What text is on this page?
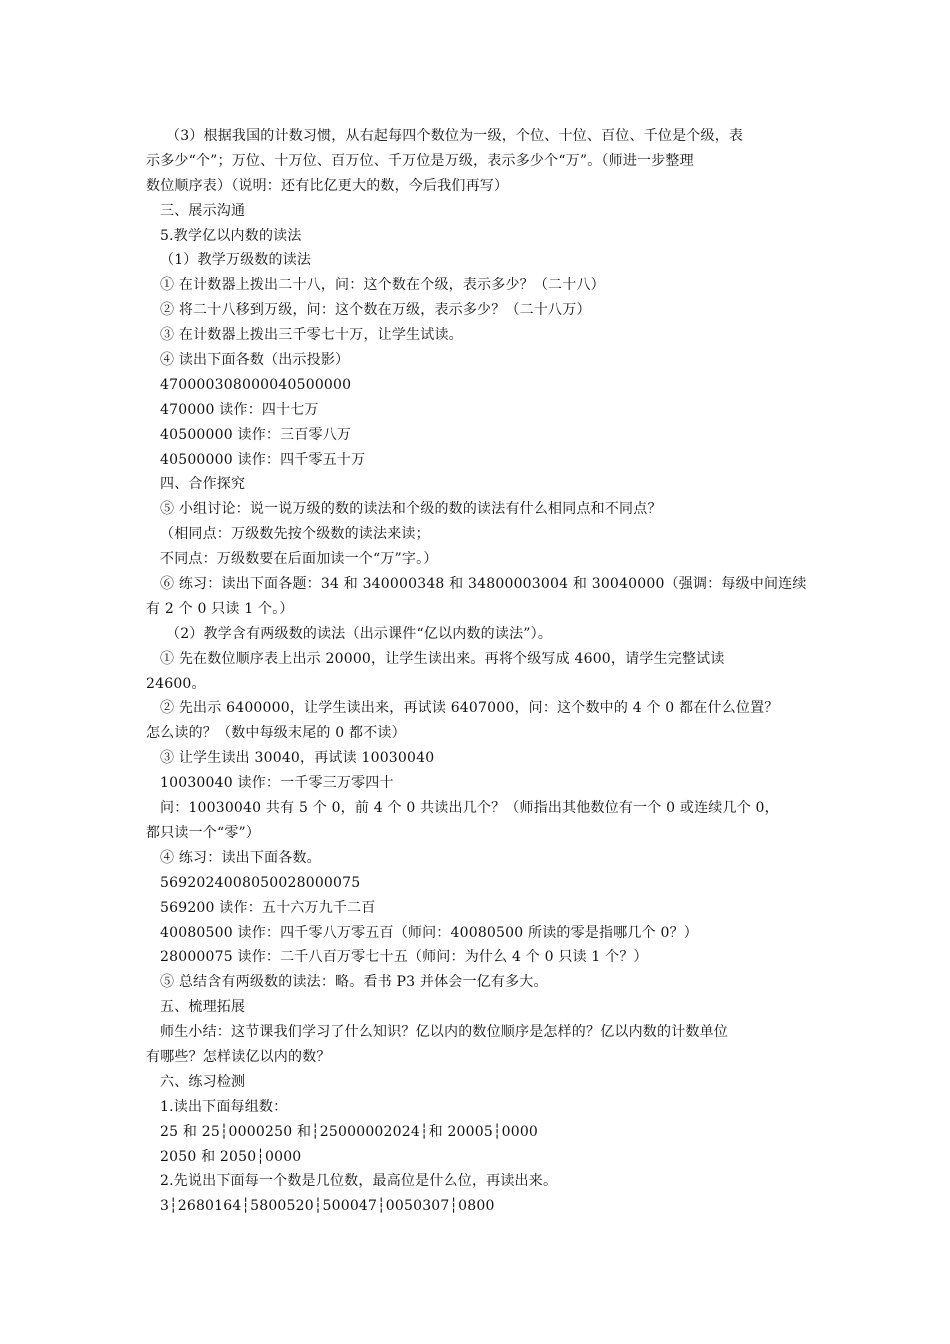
（3）根据我国的计数习惯，从右起每四个数位为一级，个位、十位、百位、千位是个级，表
示多少“个”；万位、十万位、百万位、千万位是万级，表示多少个“万”。（师进一步整理
数位顺序表）（说明：还有比亿更大的数，今后我们再写）
三、展示沟通
5.教学亿以内数的读法
（1）教学万级数的读法
① 在计数器上拨出二十八，问：这个数在个级，表示多少？（二十八）
② 将二十八移到万级，问：这个数在万级，表示多少？（二十八万）
③ 在计数器上拨出三千零七十万，让学生试读。
④ 读出下面各数（出示投影）
470000308000040500000
470000 读作：四十七万
40500000 读作：三百零八万
40500000 读作：四千零五十万
四、合作探究
⑤ 小组讨论：说一说万级的数的读法和个级的数的读法有什么相同点和不同点？
（相同点：万级数先按个级数的读法来读；
不同点：万级数要在后面加读一个“万”字。）
⑥ 练习：读出下面各题：34 和 340000348 和 34800003004 和 30040000（强调：每级中间连续
有 2 个 0 只读 1 个。）
（2）教学含有两级数的读法（出示课件“亿以内数的读法”）。
① 先在数位顺序表上出示 20000，让学生读出来。再将个级写成 4600，请学生完整试读
24600。
② 先出示 6400000，让学生读出来，再试读 6407000，问：这个数中的 4 个 0 都在什么位置？
怎么读的？（数中每级末尾的 0 都不读）
③ 让学生读出 30040，再试读 10030040
10030040 读作：一千零三万零四十
问：10030040 共有 5 个 0，前 4 个 0 共读出几个？（师指出其他数位有一个 0 或连续几个 0，
都只读一个“零”）
④ 练习：读出下面各数。
5692024008050028000075
569200 读作：五十六万九千二百
40080500 读作：四千零八万零五百（师问：40080500 所读的零是指哪几个 0？）
28000075 读作：二千八百万零七十五（师问：为什么 4 个 0 只读 1 个？）
⑤ 总结含有两级数的读法：略。看书 P3 并体会一亿有多大。
五、梳理拓展
师生小结：这节课我们学习了什么知识？亿以内的数位顺序是怎样的？亿以内数的计数单位
有哪些？怎样读亿以内的数？
六、练习检测
1.读出下面每组数：
25 和 25┆0000250 和┆25000002024┆和 20005┆0000
2050 和 2050┆0000
2.先说出下面每一个数是几位数，最高位是什么位，再读出来。
3┆2680164┆5800520┆500047┆0050307┆0800
